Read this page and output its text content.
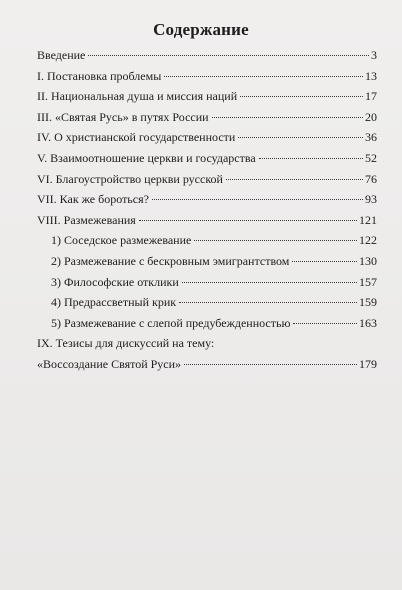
Содержание
Введение	3
I. Постановка проблемы	13
II. Национальная душа и миссия наций	17
III. «Святая Русь» в путях России	20
IV. О христианской государственности	36
V. Взаимоотношение церкви и государства	52
VI. Благоустройство церкви русской	76
VII. Как же бороться?	93
VIII. Размежевания	121
1) Соседское размежевание	122
2) Размежевание с бескровным эмигрантством	130
3) Философские отклики	157
4) Предрассветный крик	159
5) Размежевание с слепой предубежденностью	163
IX. Тезисы для дискуссий на тему:
«Воссоздание Святой Руси»	179
